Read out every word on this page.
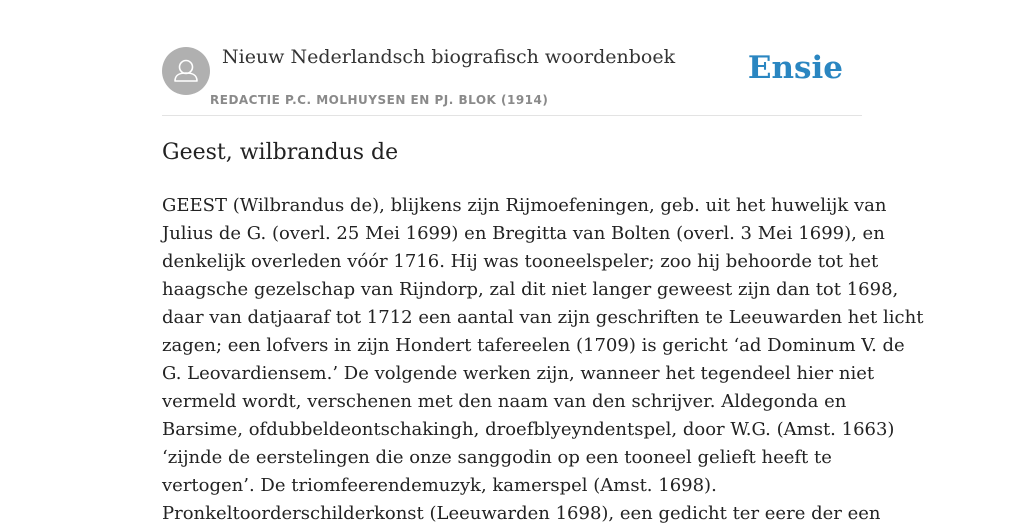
Nieuw Nederlandsch biografisch woordenboek
REDACTIE P.C. MOLHUYSEN EN PJ. BLOK (1914)
Ensie
Geest, wilbrandus de

GEEST (Wilbrandus de), blijkens zijn Rijmoefeningen, geb. uit het huwelijk van
Julius de G. (overl. 25 Mei 1699) en Bregitta van Bolten (overl. 3 Mei 1699), en
denkelijk overleden vóór 1716. Hij was tooneelspeler; zoo hij behoorde tot het
haagsche gezelschap van Rijndorp, zal dit niet langer geweest zijn dan tot 1698,
daar van datjaaraf tot 1712 een aantal van zijn geschriften te Leeuwarden het licht
zagen; een lofvers in zijn Hondert tafereelen (1709) is gericht ‘ad Dominum V. de
G. Leovardiensem.’ De volgende werken zijn, wanneer het tegendeel hier niet
vermeld wordt, verschenen met den naam van den schrijver. Aldegonda en
Barsime, ofdubbeldeontschakingh, droefblyeyndentspel, door W.G. (Amst. 1663)
‘zijnde de eerstelingen die onze sanggodin op een tooneel gelieft heeft te
vertogen’. De triomfeerendemuzyk, kamerspel (Amst. 1698).
Pronkeltoorderschilderkonst (Leeuwarden 1698), een gedicht ter eere der een
